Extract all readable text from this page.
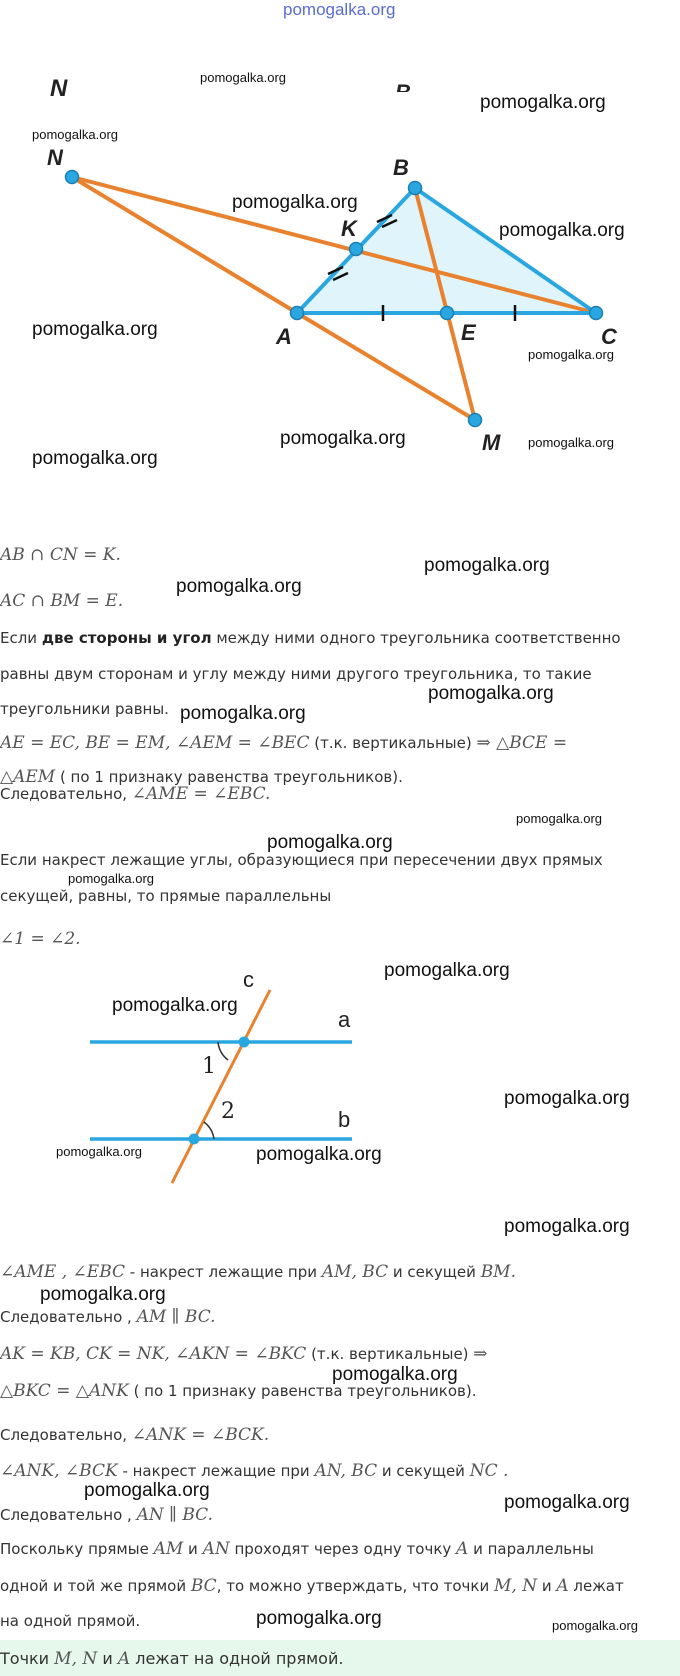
pomogalka.org
pomogalka.org
pomogalka.org
pomogalka.org
pomogalka.org
pomogalka.org
pomogalka.org
pomogalka.org
pomogalka.org	pomogalka.org
pomogalka.org
pomogalka.org
pomogalka.org
pomogalka.org
pomogalka.org
pomogalka.org
pomogalka.org
pomogalka.org
pomogalka.org
pomogalka.org
pomogalka.org
pomogalka.org	pomogalka.org
pomogalka.org
pomogalka.org
pomogalka.org
pomogalka.org
pomogalka.org
pomogalka.org	pomogalka.org
N
N	B
K
A	E	C
M
AB ∩ CN = K.
AC ∩ BM = E.
Если две стороны и угол между ними одного треугольника соответственно
равны двум сторонам и углу между ними другого треугольника, то такие
треугольники равны.
AE = EC, BE = EM, ∠AEM = ∠BEC (т.к. вертикальные) ⇒ △BCE =
△AEM ( по 1 признаку равенства треугольников).
Следовательно, ∠AME = ∠EBC.
Если накрест лежащие углы, образующиеся при пересечении двух прямых
секущей, равны, то прямые параллельны
∠1 = ∠2.
c
a
b
1
2
∠AME , ∠EBC - накрест лежащие при AM, BC и секущей BM.
Следовательно , AM ∥ BC.
AK = KB, CK = NK, ∠AKN = ∠BKC (т.к. вертикальные) ⇒
△BKC = △ANK ( по 1 признаку равенства треугольников).
Следовательно, ∠ANK = ∠BCK.
∠ANK, ∠BCK - накрест лежащие при AN, BC и секущей NC .
Следовательно , AN ∥ BC.
Поскольку прямые AM и AN проходят через одну точку A и параллельны
одной и той же прямой BC, то можно утверждать, что точки M, N и A лежат
на одной прямой.
Точки M, N и A лежат на одной прямой.
